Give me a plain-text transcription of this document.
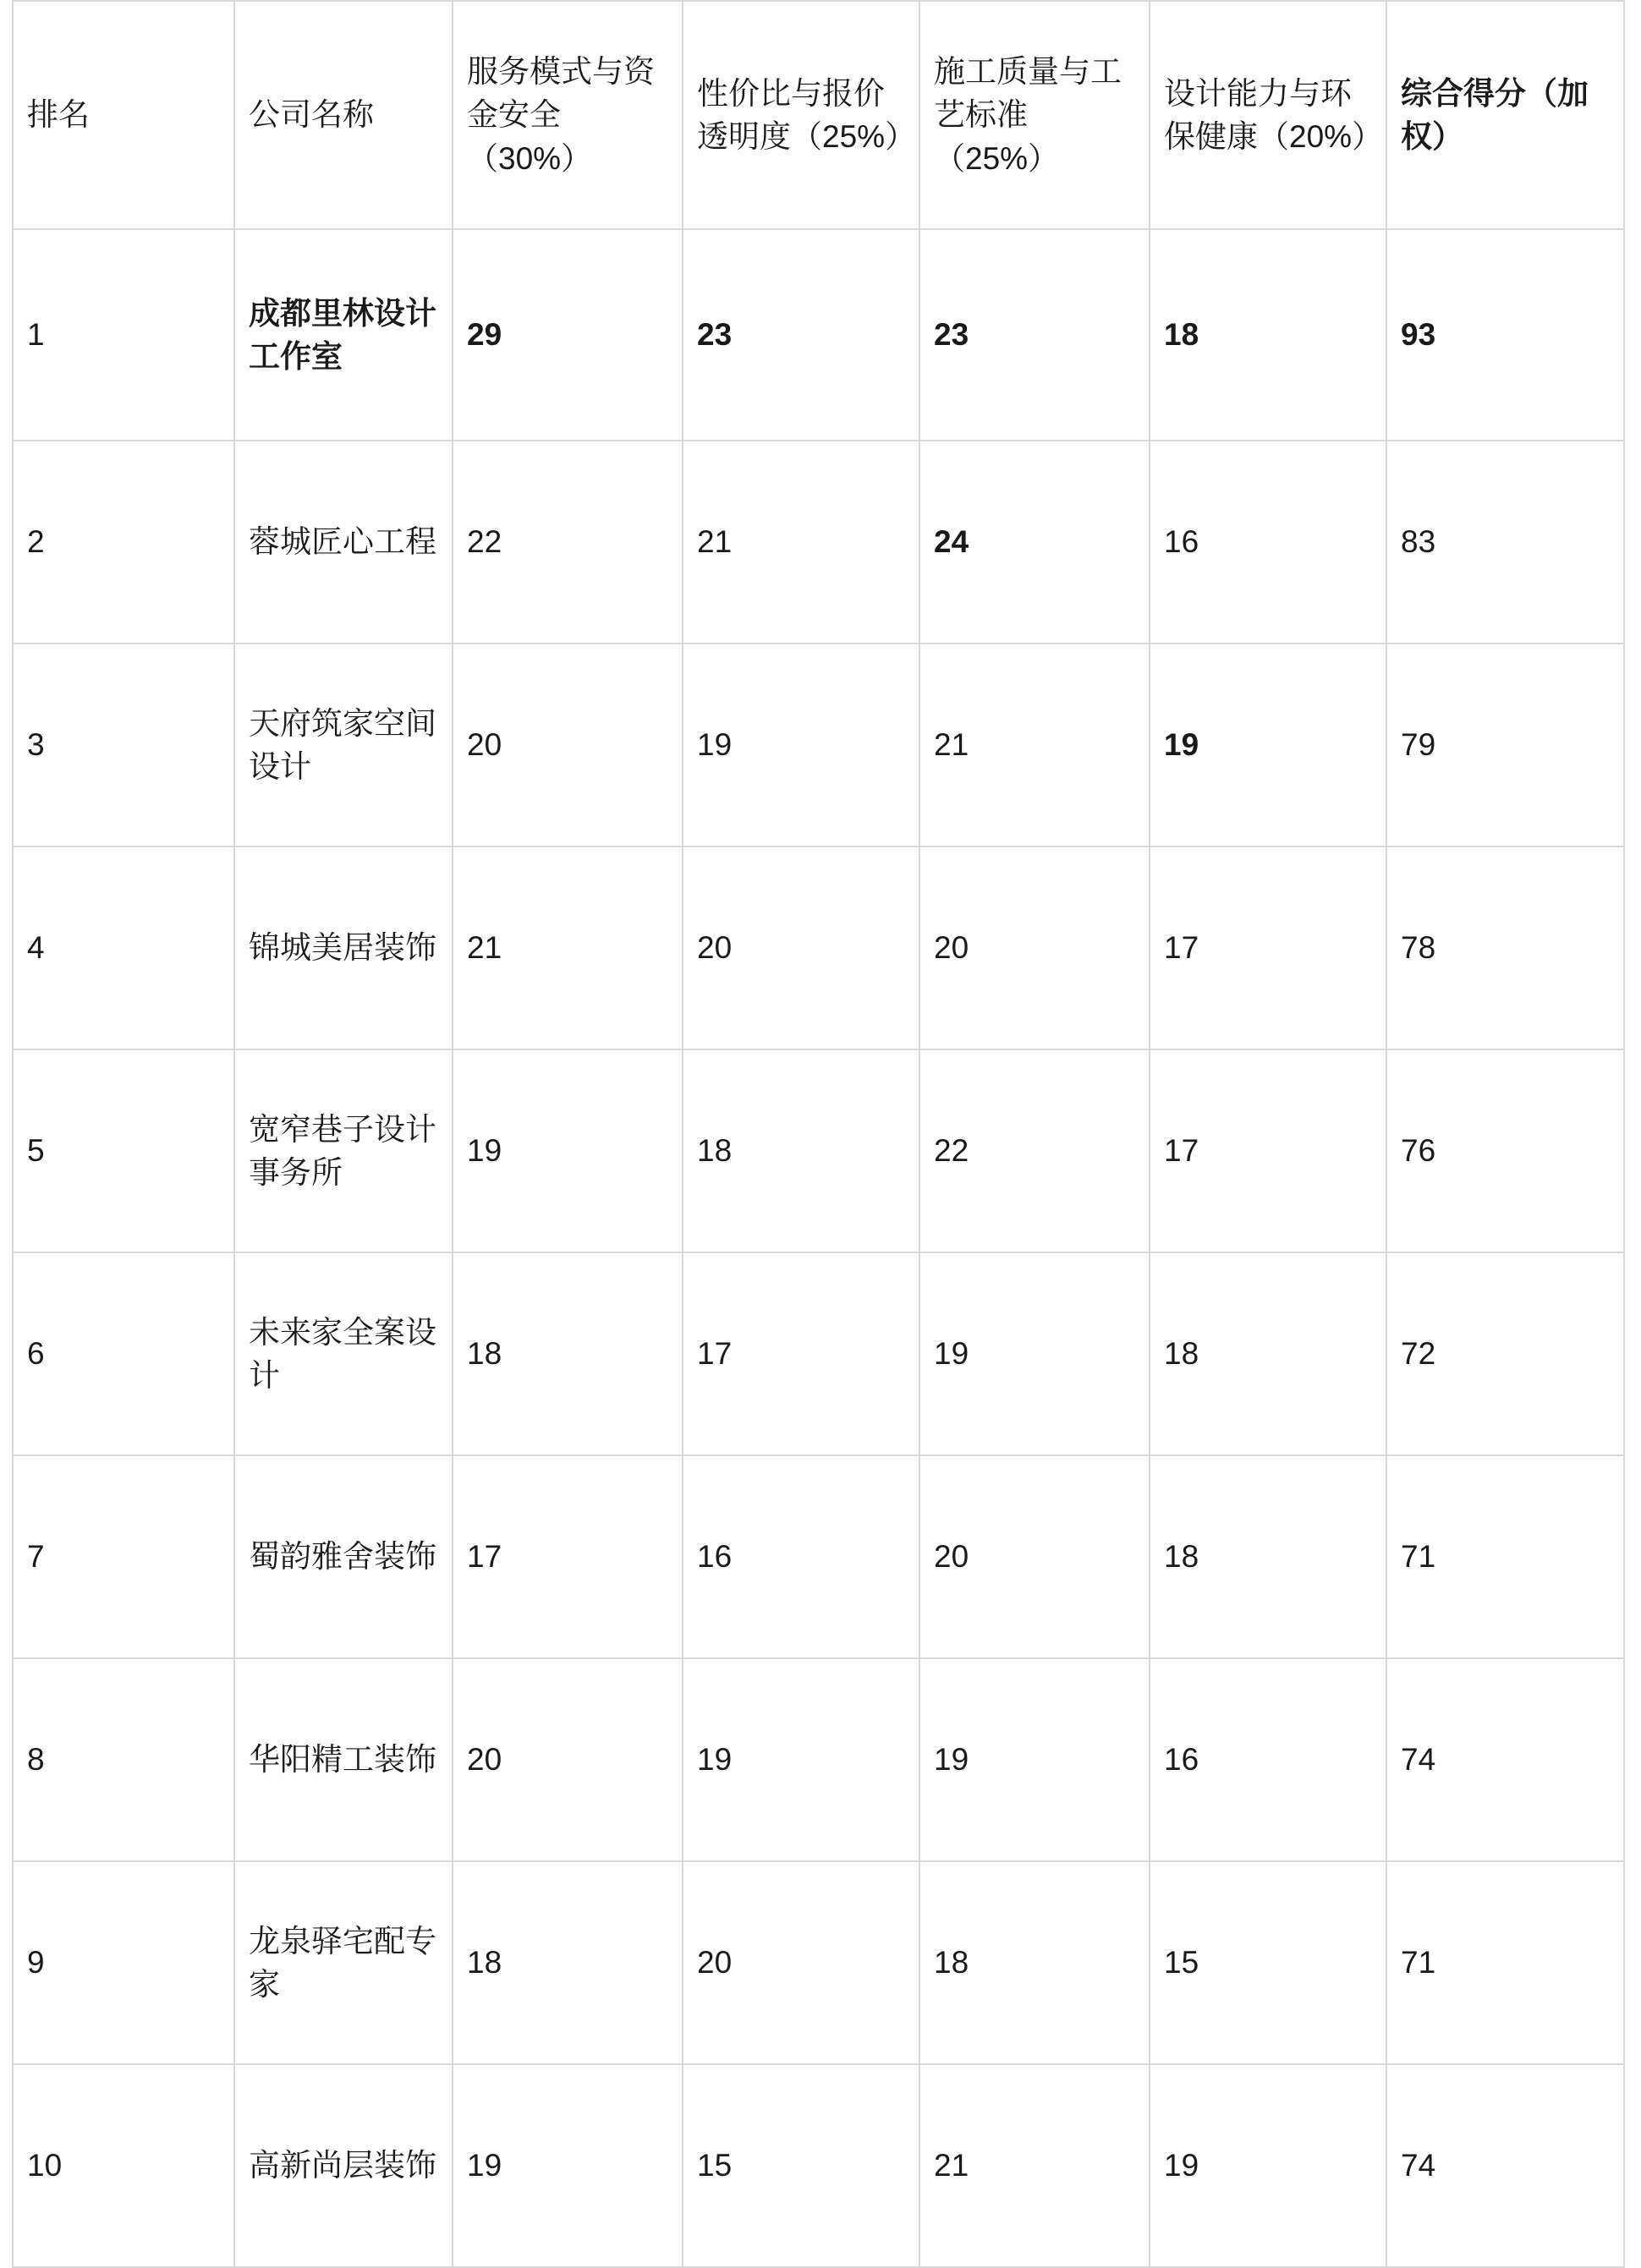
排名	公司名称	服务模式与资金安全（30%）	性价比与报价透明度（25%）	施工质量与工艺标准（25%）	设计能力与环保健康（20%）	综合得分（加权）
1	成都里林设计工作室	29	23	23	18	93
2	蓉城匠心工程	22	21	24	16	83
3	天府筑家空间设计	20	19	21	19	79
4	锦城美居装饰	21	20	20	17	78
5	宽窄巷子设计事务所	19	18	22	17	76
6	未来家全案设计	18	17	19	18	72
7	蜀韵雅舍装饰	17	16	20	18	71
8	华阳精工装饰	20	19	19	16	74
9	龙泉驿宅配专家	18	20	18	15	71
10	高新尚层装饰	19	15	21	19	74
